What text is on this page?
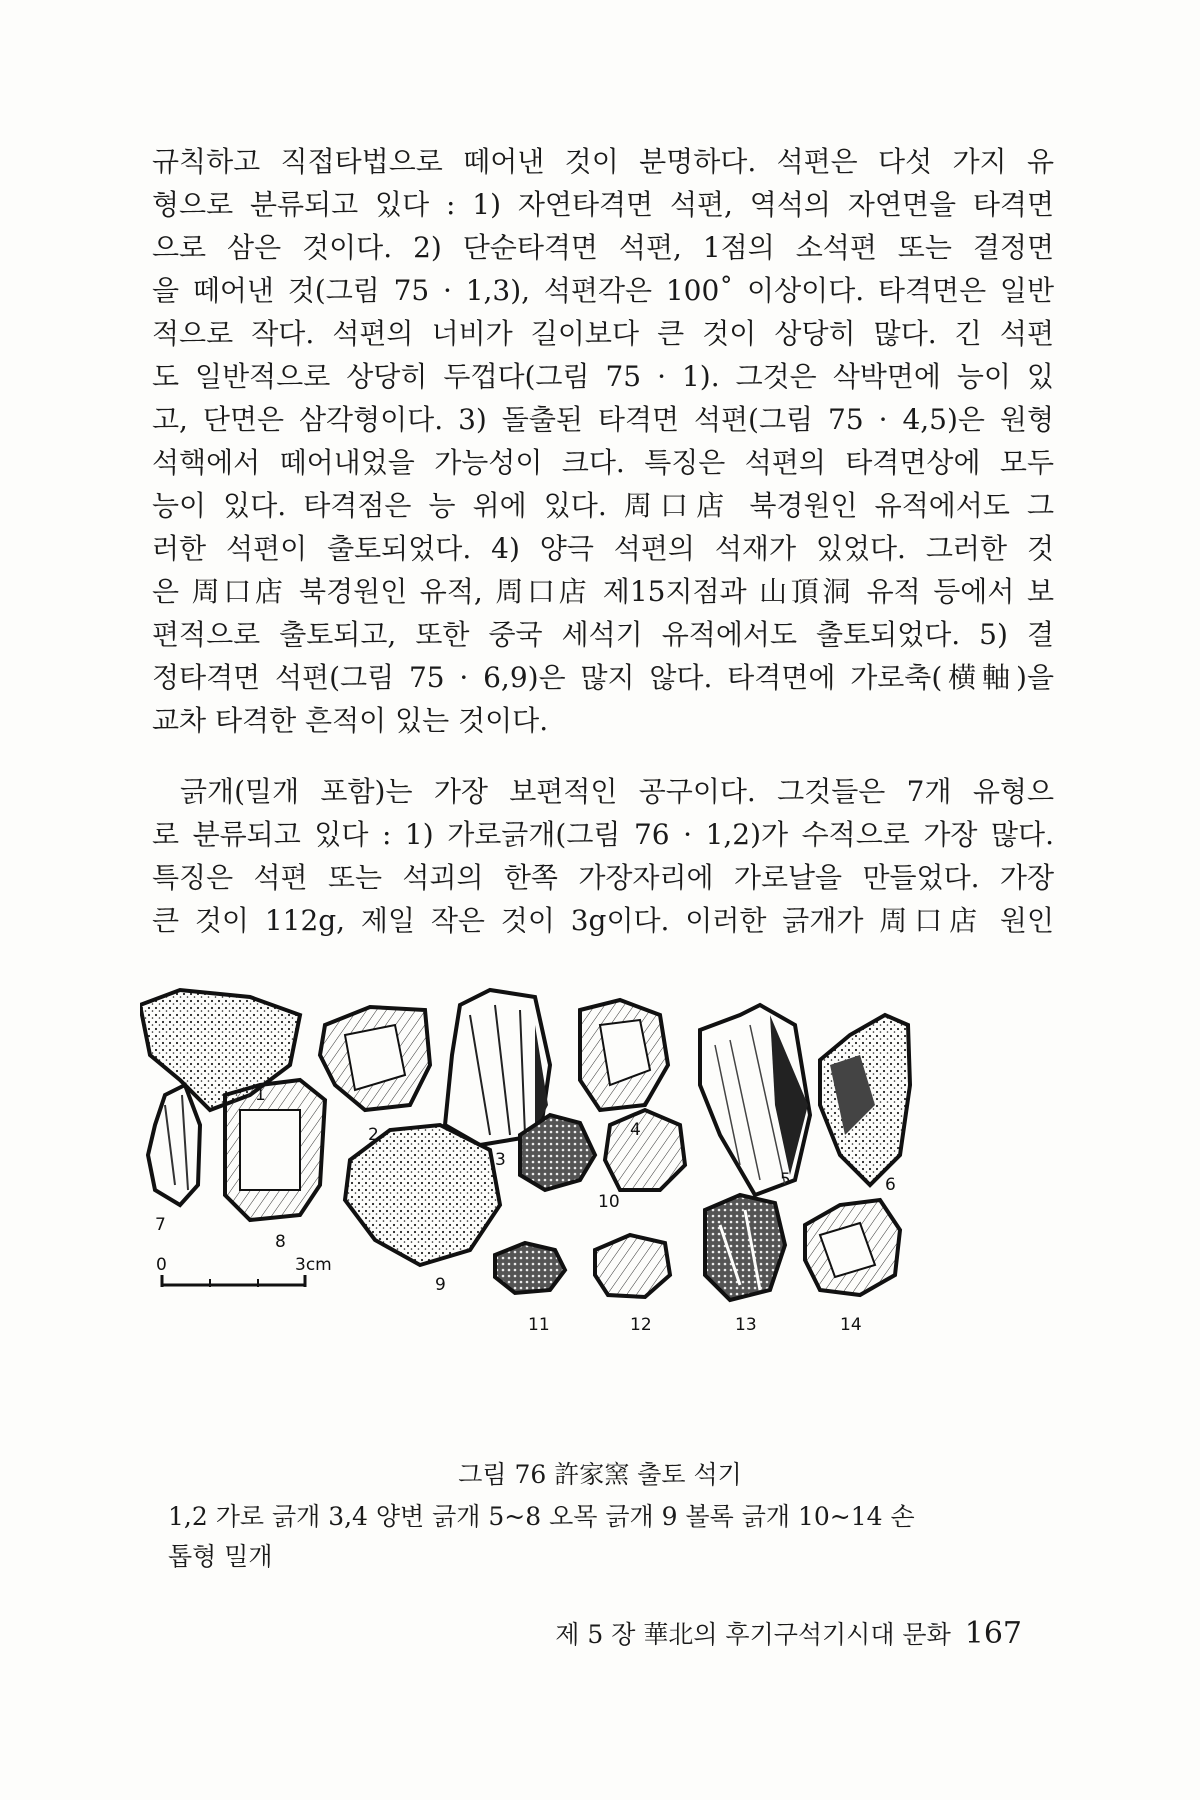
규칙하고 직접타법으로 떼어낸 것이 분명하다. 석편은 다섯 가지 유
형으로 분류되고 있다 : 1) 자연타격면 석편, 역석의 자연면을 타격면
으로 삼은 것이다. 2) 단순타격면 석편, 1점의 소석편 또는 결정면
을 떼어낸 것(그림 75 · 1,3), 석편각은 100˚ 이상이다. 타격면은 일반
적으로 작다. 석편의 너비가 길이보다 큰 것이 상당히 많다. 긴 석편
도 일반적으로 상당히 두껍다(그림 75 · 1). 그것은 삭박면에 능이 있
고, 단면은 삼각형이다. 3) 돌출된 타격면 석편(그림 75 · 4,5)은 원형
석핵에서 떼어내었을 가능성이 크다. 특징은 석편의 타격면상에 모두
능이 있다. 타격점은 능 위에 있다. 周口店 북경원인 유적에서도 그
러한 석편이 출토되었다. 4) 양극 석편의 석재가 있었다. 그러한 것
은 周口店 북경원인 유적, 周口店 제15지점과 山頂洞 유적 등에서 보
편적으로 출토되고, 또한 중국 세석기 유적에서도 출토되었다. 5) 결
정타격면 석편(그림 75 · 6,9)은 많지 않다. 타격면에 가로축(横軸)을
교차 타격한 흔적이 있는 것이다.
긁개(밀개 포함)는 가장 보편적인 공구이다. 그것들은 7개 유형으
로 분류되고 있다 : 1) 가로긁개(그림 76 · 1,2)가 수적으로 가장 많다.
특징은 석편 또는 석괴의 한쪽 가장자리에 가로날을 만들었다. 가장
큰 것이 112g, 제일 작은 것이 3g이다. 이러한 긁개가 周口店 원인
2
3
5	6
7
8
9
10
11	12	13	14
0	3cm
그림 76 許家窯 출토 석기
1,2 가로 긁개 3,4 양변 긁개 5~8 오목 긁개 9 볼록 긁개 10~14 손
톱형 밀개
제 5 장 華北의 후기구석기시대 문화 167
